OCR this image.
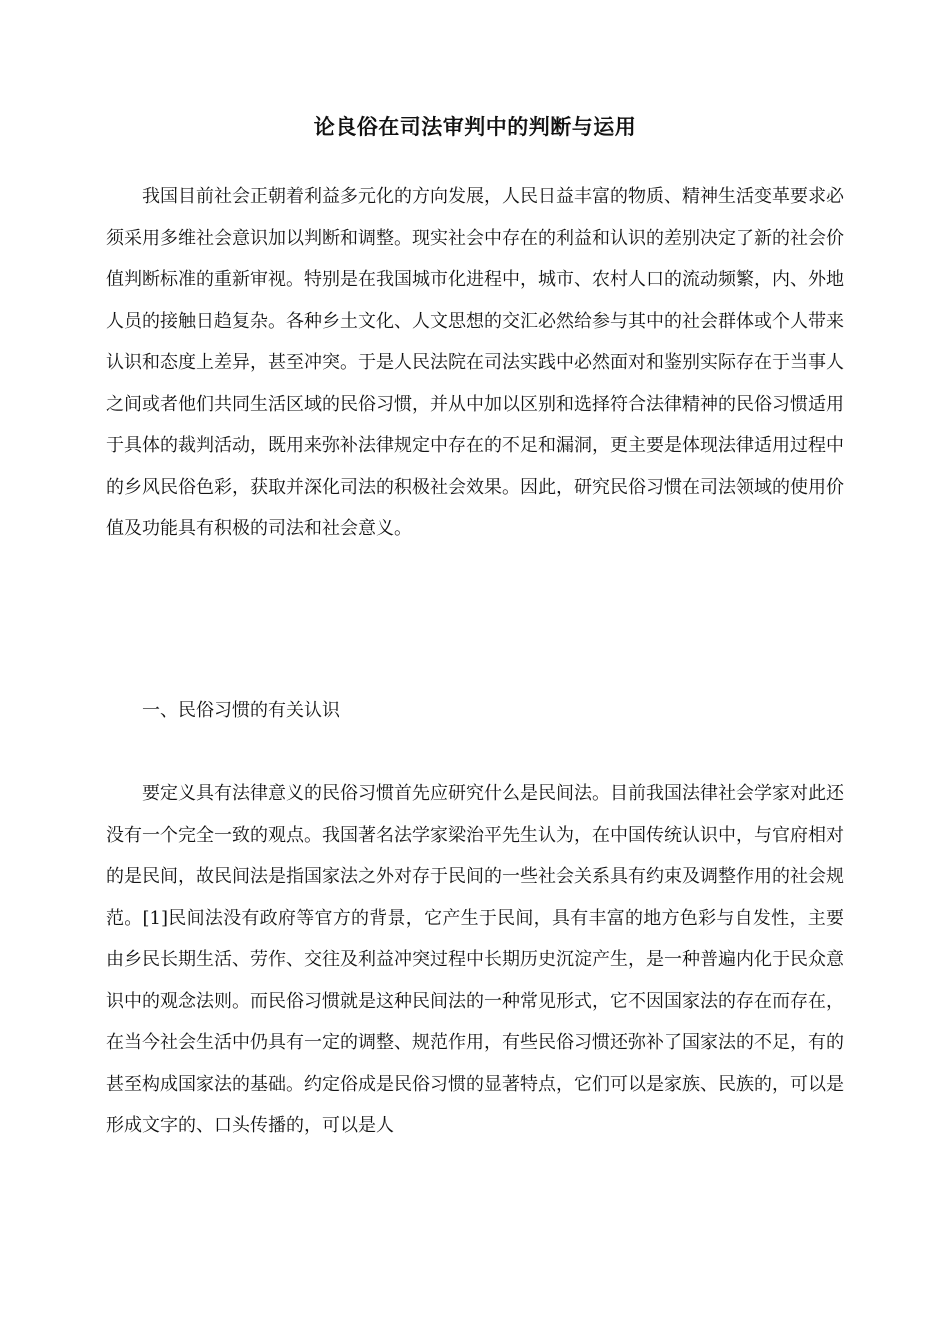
论良俗在司法审判中的判断与运用

我国目前社会正朝着利益多元化的方向发展，人民日益丰富的物质、精神生活变革要求必须采用多维社会意识加以判断和调整。现实社会中存在的利益和认识的差别决定了新的社会价值判断标准的重新审视。特别是在我国城市化进程中，城市、农村人口的流动频繁，内、外地人员的接触日趋复杂。各种乡土文化、人文思想的交汇必然给参与其中的社会群体或个人带来认识和态度上差异，甚至冲突。于是人民法院在司法实践中必然面对和鉴别实际存在于当事人之间或者他们共同生活区域的民俗习惯，并从中加以区别和选择符合法律精神的民俗习惯适用于具体的裁判活动，既用来弥补法律规定中存在的不足和漏洞，更主要是体现法律适用过程中的乡风民俗色彩，获取并深化司法的积极社会效果。因此，研究民俗习惯在司法领域的使用价值及功能具有积极的司法和社会意义。

一、民俗习惯的有关认识

要定义具有法律意义的民俗习惯首先应研究什么是民间法。目前我国法律社会学家对此还没有一个完全一致的观点。我国著名法学家梁治平先生认为，在中国传统认识中，与官府相对的是民间，故民间法是指国家法之外对存于民间的一些社会关系具有约束及调整作用的社会规范。[1]民间法没有政府等官方的背景，它产生于民间，具有丰富的地方色彩与自发性，主要由乡民长期生活、劳作、交往及利益冲突过程中长期历史沉淀产生，是一种普遍内化于民众意识中的观念法则。而民俗习惯就是这种民间法的一种常见形式，它不因国家法的存在而存在，在当今社会生活中仍具有一定的调整、规范作用，有些民俗习惯还弥补了国家法的不足，有的甚至构成国家法的基础。约定俗成是民俗习惯的显著特点，它们可以是家族、民族的，可以是形成文字的、口头传播的，可以是人
